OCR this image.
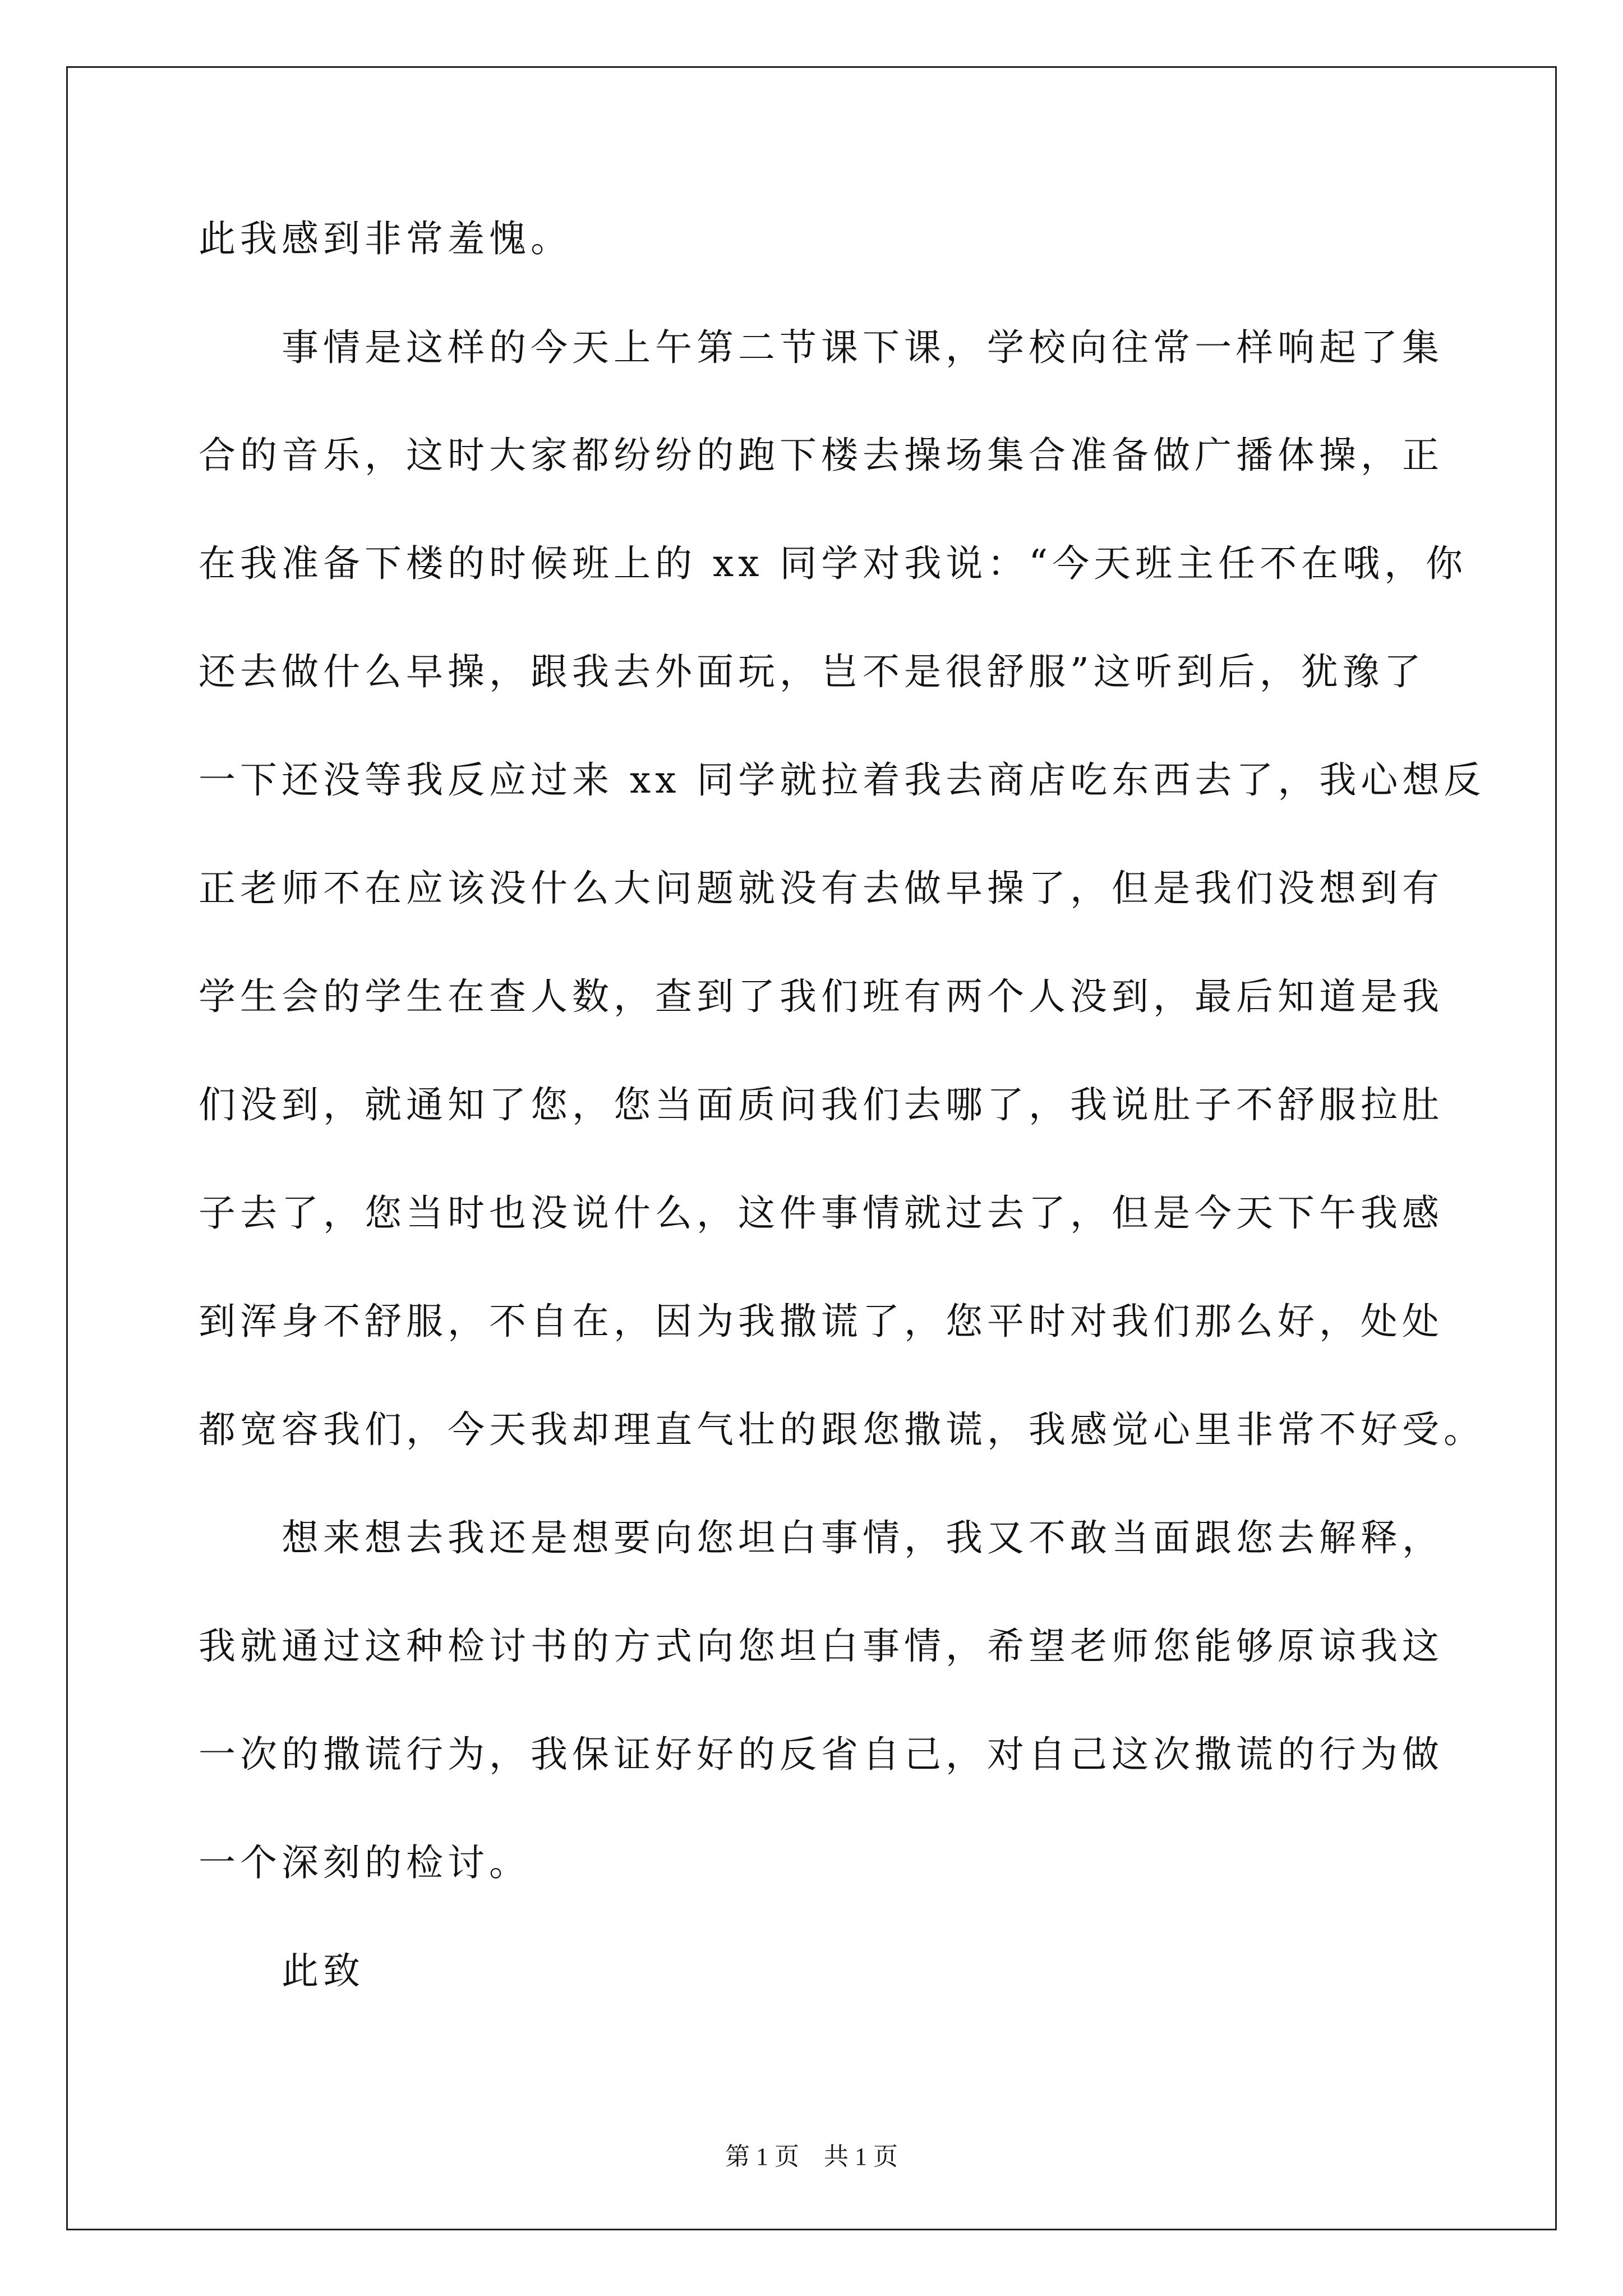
此我感到非常羞愧。
事情是这样的今天上午第二节课下课，学校向往常一样响起了集
合的音乐，这时大家都纷纷的跑下楼去操场集合准备做广播体操，正
在我准备下楼的时候班上的 xx 同学对我说：“今天班主任不在哦，你
还去做什么早操，跟我去外面玩，岂不是很舒服”这听到后，犹豫了
一下还没等我反应过来 xx 同学就拉着我去商店吃东西去了，我心想反
正老师不在应该没什么大问题就没有去做早操了，但是我们没想到有
学生会的学生在查人数，查到了我们班有两个人没到，最后知道是我
们没到，就通知了您，您当面质问我们去哪了，我说肚子不舒服拉肚
子去了，您当时也没说什么，这件事情就过去了，但是今天下午我感
到浑身不舒服，不自在，因为我撒谎了，您平时对我们那么好，处处
都宽容我们，今天我却理直气壮的跟您撒谎，我感觉心里非常不好受。
想来想去我还是想要向您坦白事情，我又不敢当面跟您去解释，
我就通过这种检讨书的方式向您坦白事情，希望老师您能够原谅我这
一次的撒谎行为，我保证好好的反省自己，对自己这次撒谎的行为做
一个深刻的检讨。
此致
第 1 页　共 1 页
